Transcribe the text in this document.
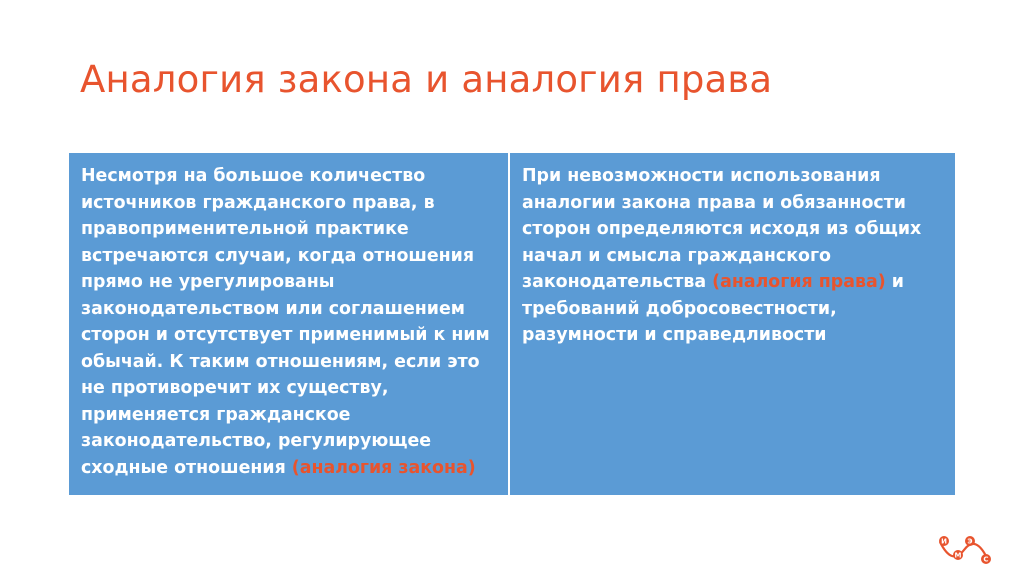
Аналогия закона и аналогия права
Несмотря на большое количество источников гражданского права, в правоприменительной практике встречаются случаи, когда отношения прямо не урегулированы законодательством или соглашением сторон и отсутствует применимый к ним обычай. К таким отношениям, если это не противоречит их существу, применяется гражданское законодательство, регулирующее сходные отношения (аналогия закона)
При невозможности использования аналогии закона права и обязанности сторон определяются исходя из общих начал и смысла гражданского законодательства (аналогия права) и требований добросовестности, разумности и справедливости
И
М
Э
С
